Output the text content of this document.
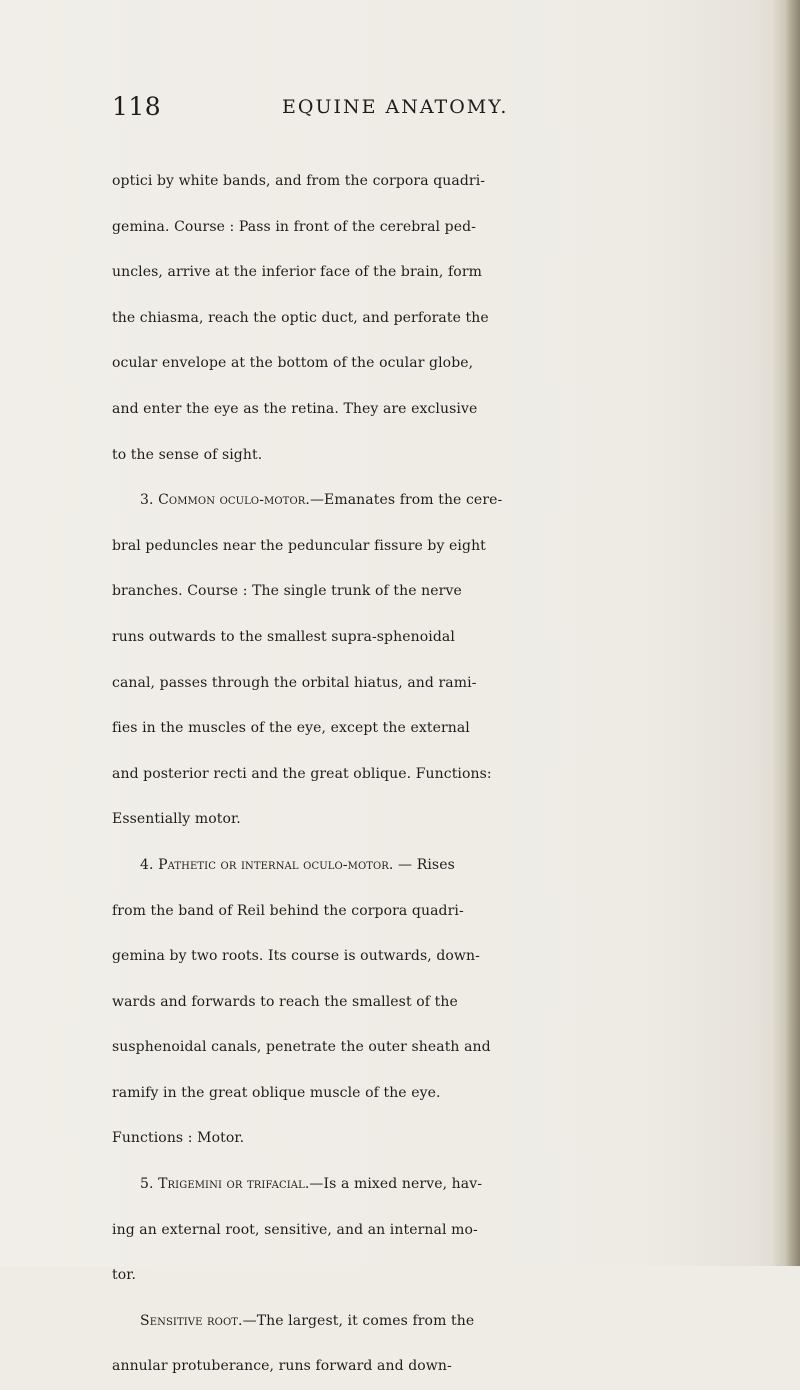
118	EQUINE ANATOMY.
optici by white bands, and from the corpora quadri-
gemina. Course : Pass in front of the cerebral ped-
uncles, arrive at the inferior face of the brain, form
the chiasma, reach the optic duct, and perforate the
ocular envelope at the bottom of the ocular globe,
and enter the eye as the retina. They are exclusive
to the sense of sight.
3. Common oculo-motor.—Emanates from the cere-
bral peduncles near the peduncular fissure by eight
branches. Course : The single trunk of the nerve
runs outwards to the smallest supra-sphenoidal
canal, passes through the orbital hiatus, and rami-
fies in the muscles of the eye, except the external
and posterior recti and the great oblique. Functions:
Essentially motor.
4. Pathetic or internal oculo-motor. — Rises
from the band of Reil behind the corpora quadri-
gemina by two roots. Its course is outwards, down-
wards and forwards to reach the smallest of the
susphenoidal canals, penetrate the outer sheath and
ramify in the great oblique muscle of the eye.
Functions : Motor.
5. Trigemini or trifacial.—Is a mixed nerve, hav-
ing an external root, sensitive, and an internal mo-
tor.
Sensitive root.—The largest, it comes from the
annular protuberance, runs forward and down-
